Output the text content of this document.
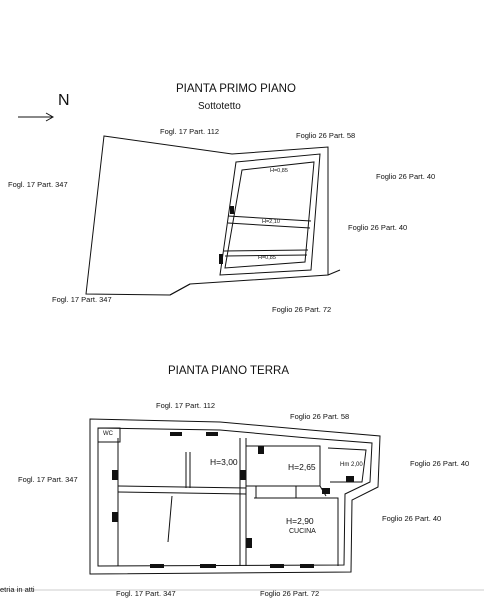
N
PIANTA PRIMO PIANO
Sottotetto
Fogl. 17 Part. 112	Foglio 26 Part. 58
Fogl. 17 Part. 347
Foglio 26 Part. 40
Foglio 26 Part. 40
Fogl. 17 Part. 347
Foglio 26 Part. 72
H=0,85
H=2,10
H=0,85
PIANTA PIANO TERRA
Fogl. 17 Part. 112
Foglio 26 Part. 58
Fogl. 17 Part. 347
Foglio 26 Part. 40
Foglio 26 Part. 40
Fogl. 17 Part. 347	Foglio 26 Part. 72
WC
H=3,00	H=2,65	Hm 2,00
H=2,90
CUCINA
etria in atti
